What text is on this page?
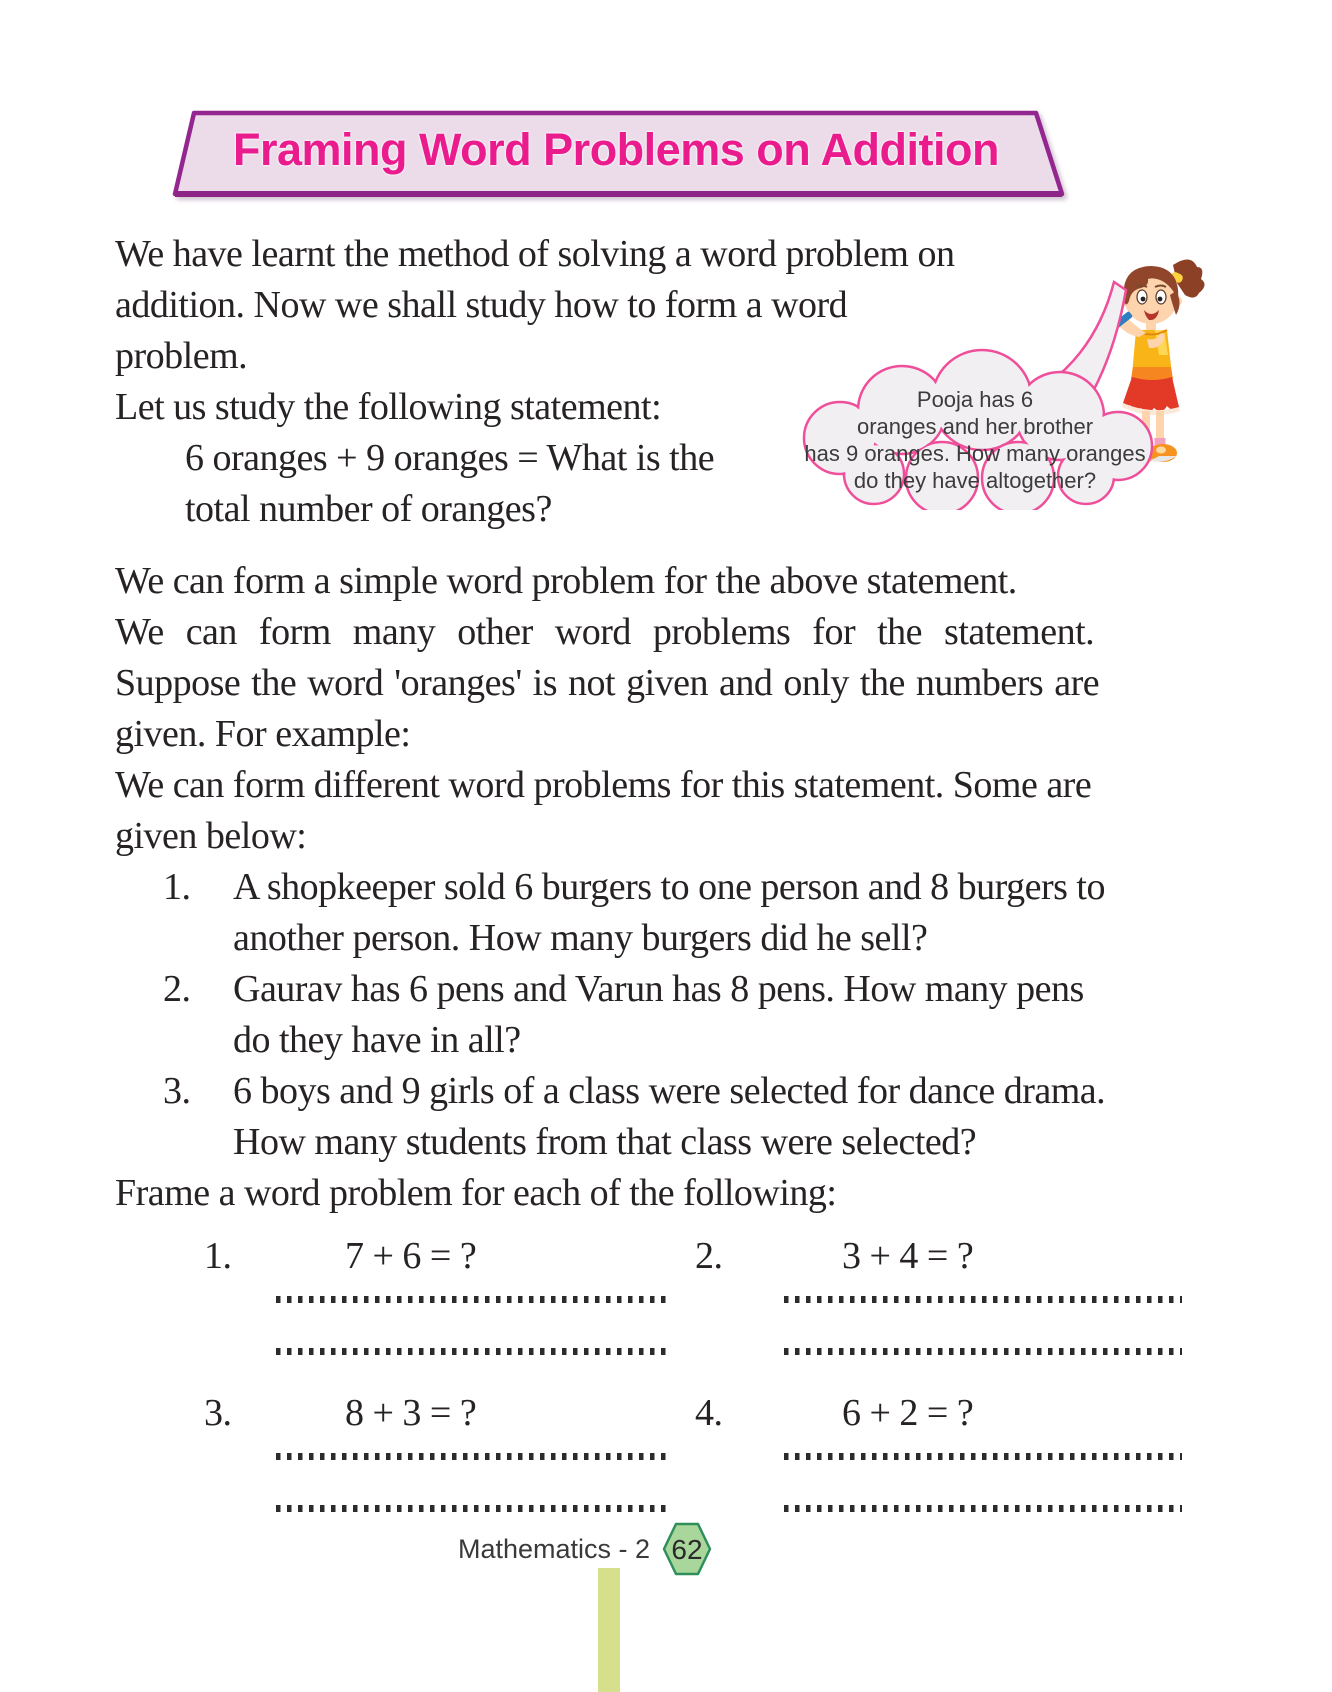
Framing Word Problems on Addition
Pooja has 6
oranges and her brother
has 9 oranges. How many oranges
do they have altogether?
We have learnt the method of solving a word problem on
addition. Now we shall study how to form a word
problem.
Let us study the following statement:
6 oranges + 9 oranges = What is the
total number of oranges?
We can form a simple word problem for the above statement.
We can form many other word problems for the statement.
Suppose the word 'oranges' is not given and only the numbers are
given. For example:
We can form different word problems for this statement. Some are
given below:
1.	A shopkeeper sold 6 burgers to one person and 8 burgers to
another person. How many burgers did he sell?
2.	Gaurav has 6 pens and Varun has 8 pens. How many pens
do they have in all?
3.	6 boys and 9 girls of a class were selected for dance drama.
How many students from that class were selected?
Frame a word problem for each of the following:
1.	7 + 6 = ?	2.	3 + 4 = ?
3.	8 + 3 = ?	4.	6 + 2 = ?
Mathematics - 2 62
